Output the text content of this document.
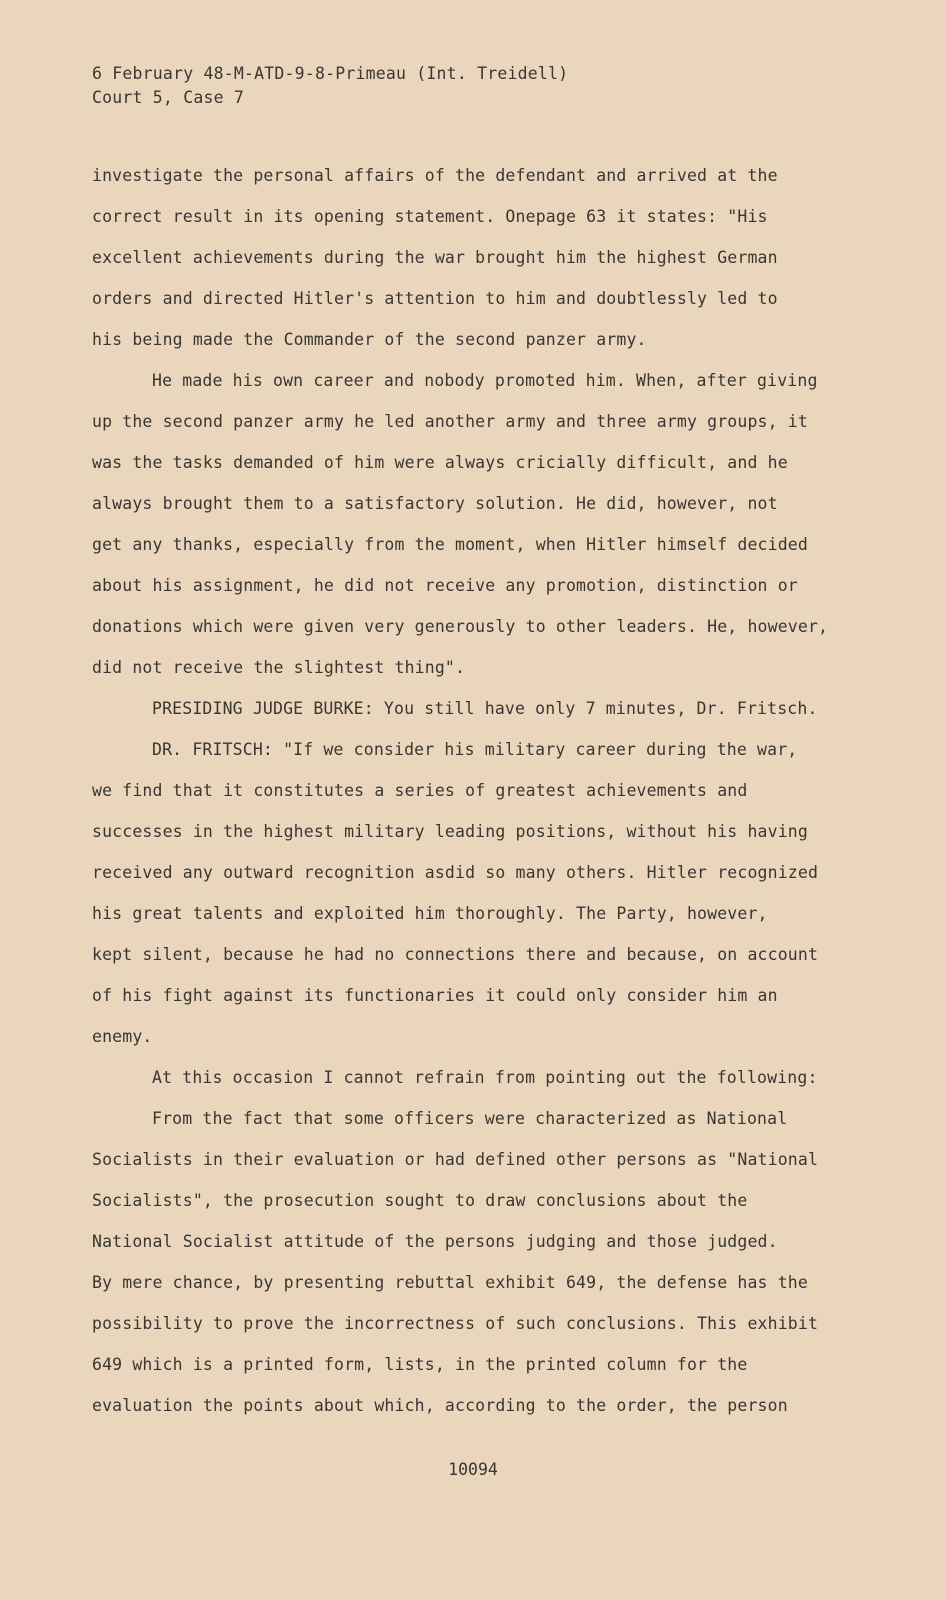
6 February 48-M-ATD-9-8-Primeau (Int. Treidell)
Court 5, Case 7
investigate the personal affairs of the defendant and arrived at the
correct result in its opening statement. Onepage 63 it states: "His
excellent achievements during the war brought him the highest German
orders and directed Hitler's attention to him and doubtlessly led to
his being made the Commander of the second panzer army.
He made his own career and nobody promoted him. When, after giving
up the second panzer army he led another army and three army groups, it
was the tasks demanded of him were always cricially difficult, and he
always brought them to a satisfactory solution. He did, however, not
get any thanks, especially from the moment, when Hitler himself decided
about his assignment, he did not receive any promotion, distinction or
donations which were given very generously to other leaders. He, however,
did not receive the slightest thing".
PRESIDING JUDGE BURKE: You still have only 7 minutes, Dr. Fritsch.
DR. FRITSCH: "If we consider his military career during the war,
we find that it constitutes a series of greatest achievements and
successes in the highest military leading positions, without his having
received any outward recognition asdid so many others. Hitler recognized
his great talents and exploited him thoroughly. The Party, however,
kept silent, because he had no connections there and because, on account
of his fight against its functionaries it could only consider him an
enemy.
At this occasion I cannot refrain from pointing out the following:
From the fact that some officers were characterized as National
Socialists in their evaluation or had defined other persons as "National
Socialists", the prosecution sought to draw conclusions about the
National Socialist attitude of the persons judging and those judged.
By mere chance, by presenting rebuttal exhibit 649, the defense has the
possibility to prove the incorrectness of such conclusions. This exhibit
649 which is a printed form, lists, in the printed column for the
evaluation the points about which, according to the order, the person
10094
